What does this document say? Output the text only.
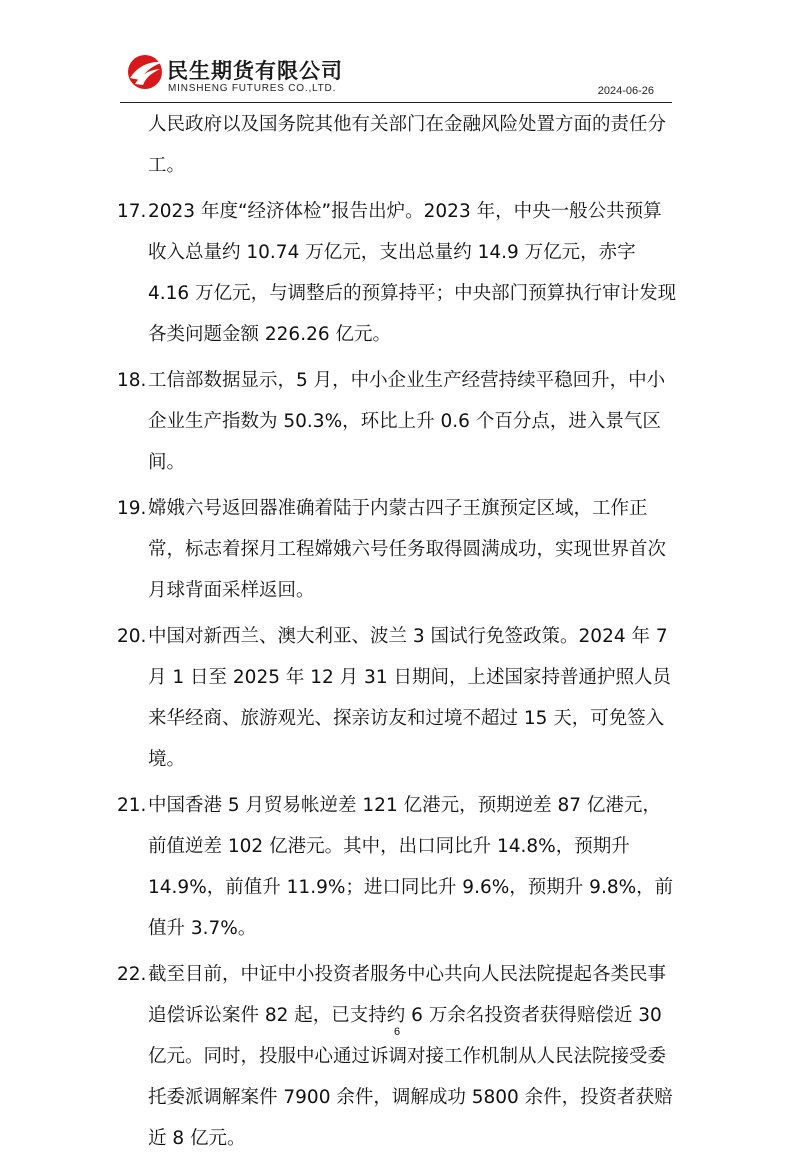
民生期货有限公司
MINSHENG FUTURES CO.,LTD.	2024-06-26

人民政府以及国务院其他有关部门在金融风险处置方面的责任分工。

17. 2023 年度“经济体检”报告出炉。2023 年，中央一般公共预算收入总量约 10.74 万亿元，支出总量约 14.9 万亿元，赤字 4.16 万亿元，与调整后的预算持平；中央部门预算执行审计发现各类问题金额 226.26 亿元。
18. 工信部数据显示，5 月，中小企业生产经营持续平稳回升，中小企业生产指数为 50.3%，环比上升 0.6 个百分点，进入景气区间。
19. 嫦娥六号返回器准确着陆于内蒙古四子王旗预定区域，工作正常，标志着探月工程嫦娥六号任务取得圆满成功，实现世界首次月球背面采样返回。
20. 中国对新西兰、澳大利亚、波兰 3 国试行免签政策。2024 年 7 月 1 日至 2025 年 12 月 31 日期间，上述国家持普通护照人员来华经商、旅游观光、探亲访友和过境不超过 15 天，可免签入境。
21. 中国香港 5 月贸易帐逆差 121 亿港元，预期逆差 87 亿港元，前值逆差 102 亿港元。其中，出口同比升 14.8%，预期升 14.9%，前值升 11.9%；进口同比升 9.6%，预期升 9.8%，前值升 3.7%。
22. 截至目前，中证中小投资者服务中心共向人民法院提起各类民事追偿诉讼案件 82 起，已支持约 6 万余名投资者获得赔偿近 30 亿元。同时，投服中心通过诉调对接工作机制从人民法院接受委托委派调解案件 7900 余件，调解成功 5800 余件，投资者获赔近 8 亿元。
6
